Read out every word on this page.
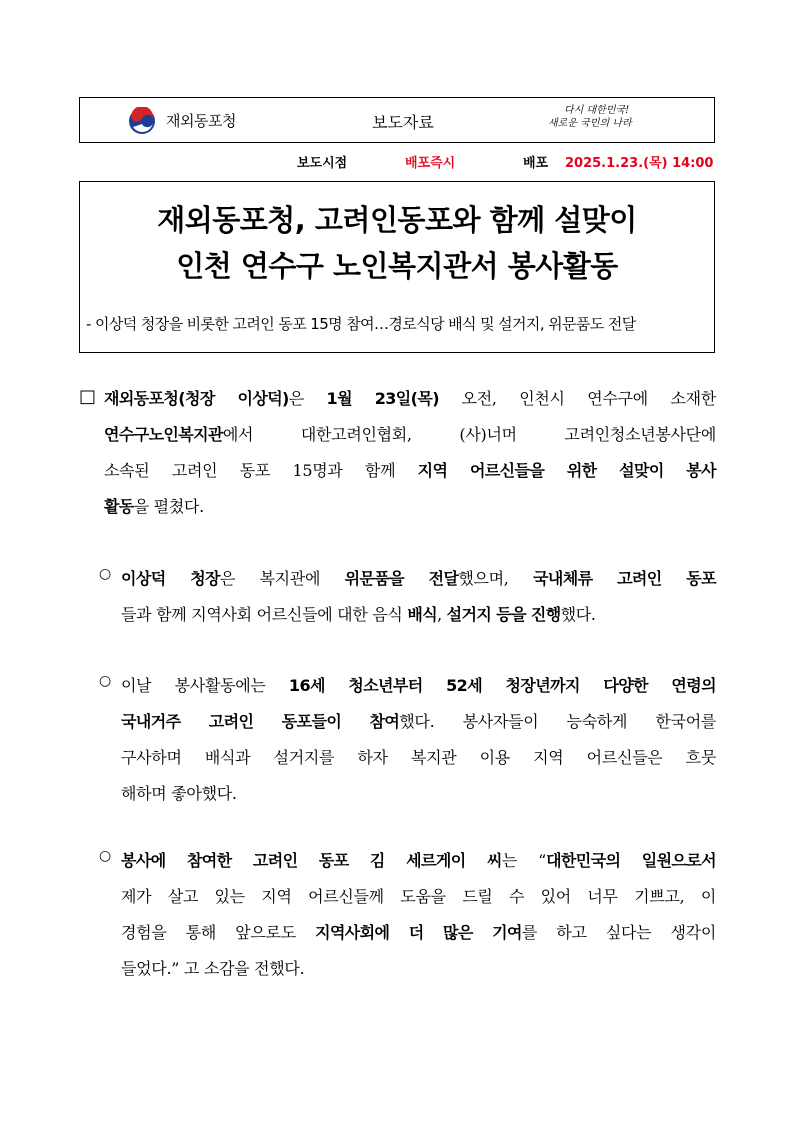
재외동포청	보도자료
다시 대한민국!
새로운 국민의 나라
보도시점	배포즉시	배포 2025.1.23.(목) 14:00
재외동포청, 고려인동포와 함께 설맞이
인천 연수구 노인복지관서 봉사활동
- 이상덕 청장을 비롯한 고려인 동포 15명 참여…경로식당 배식 및 설거지, 위문품도 전달
□ 재외동포청(청장 이상덕)은 1월 23일(목) 오전, 인천시 연수구에 소재한
연수구노인복지관에서 대한고려인협회, (사)너머 고려인청소년봉사단에
소속된 고려인 동포 15명과 함께 지역 어르신들을 위한 설맞이 봉사
활동을 펼쳤다.
○ 이상덕 청장은 복지관에 위문품을 전달했으며, 국내체류 고려인 동포
들과 함께 지역사회 어르신들에 대한 음식 배식, 설거지 등을 진행했다.
○ 이날 봉사활동에는 16세 청소년부터 52세 청장년까지 다양한 연령의
국내거주 고려인 동포들이 참여했다. 봉사자들이 능숙하게 한국어를
구사하며 배식과 설거지를 하자 복지관 이용 지역 어르신들은 흐뭇
해하며 좋아했다.
○ 봉사에 참여한 고려인 동포 김 세르게이 씨는 “대한민국의 일원으로서
제가 살고 있는 지역 어르신들께 도움을 드릴 수 있어 너무 기쁘고, 이
경험을 통해 앞으로도 지역사회에 더 많은 기여를 하고 싶다는 생각이
들었다.” 고 소감을 전했다.
